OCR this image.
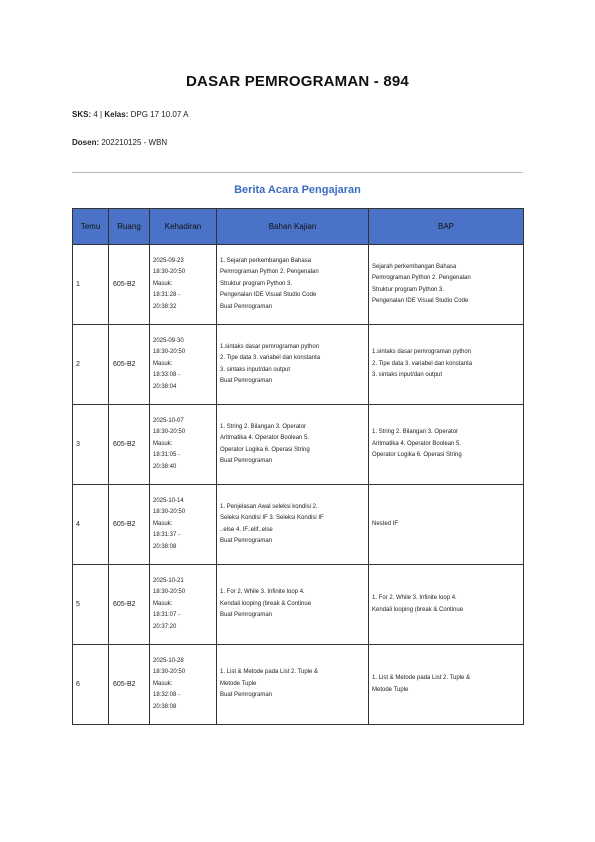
DASAR PEMROGRAMAN - 894
SKS: 4 | Kelas: DPG 17 10.07 A
Dosen: 202210125 - WBN
Berita Acara Pengajaran
Temu	Ruang	Kehadiran	Bahan Kajian	BAP
1	605-B2	2025-09-23
18:30-20:50
Masuk:
18:31:28 -
20:38:32	1. Sejarah perkembangan Bahasa
Pemrograman Python 2. Pengenalan
Struktur program Python 3.
Pengenalan IDE Visual Studio Code
Buat Pemrograman	Sejarah perkembangan Bahasa
Pemrograman Python 2. Pengenalan
Struktur program Python 3.
Pengenalan IDE Visual Studio Code

2	605-B2	2025-09-30
18:30-20:50
Masuk:
18:33:08 -
20:38:04	1.sintaks dasar pemrograman python
2. Tipe data 3. variabel dan konstanta
3. sintaks input/dan output
Buat Pemrograman	1.sintaks dasar pemrograman python
2. Tipe data 3. variabel dan konstanta
3. sintaks input/dan output

3	605-B2	2025-10-07
18:30-20:50
Masuk:
18:31:05 -
20:38:40	1. String 2. Bilangan 3. Operator
Aritmatika 4. Operator Boolean 5.
Operator Logika 6. Operasi String
Buat Pemrograman	1. String 2. Bilangan 3. Operator
Aritmatika 4. Operator Boolean 5.
Operator Logika 6. Operasi String

4	605-B2	2025-10-14
18:30-20:50
Masuk:
18:31:37 -
20:38:08	1. Penjelasan Awal seleksi kondisi 2.
Seleksi Kondisi IF 3. Seleksi Kondisi IF
..else 4. IF..elif..else
Buat Pemrograman	Nested IF

5	605-B2	2025-10-21
18:30-20:50
Masuk:
18:31:07 -
20:37:20	1. For 2. While 3. Infinite loop 4.
Kendali looping (break & Continue
Buat Pemrograman	1. For 2. While 3. Infinite loop 4.
Kendali looping (break & Continue

6	605-B2	2025-10-28
18:30-20:50
Masuk:
18:32:08 -
20:38:08	1. List & Metode pada List 2. Tuple &
Metode Tuple
Buat Pemrograman	1. List & Metode pada List 2. Tuple &
Metode Tuple
